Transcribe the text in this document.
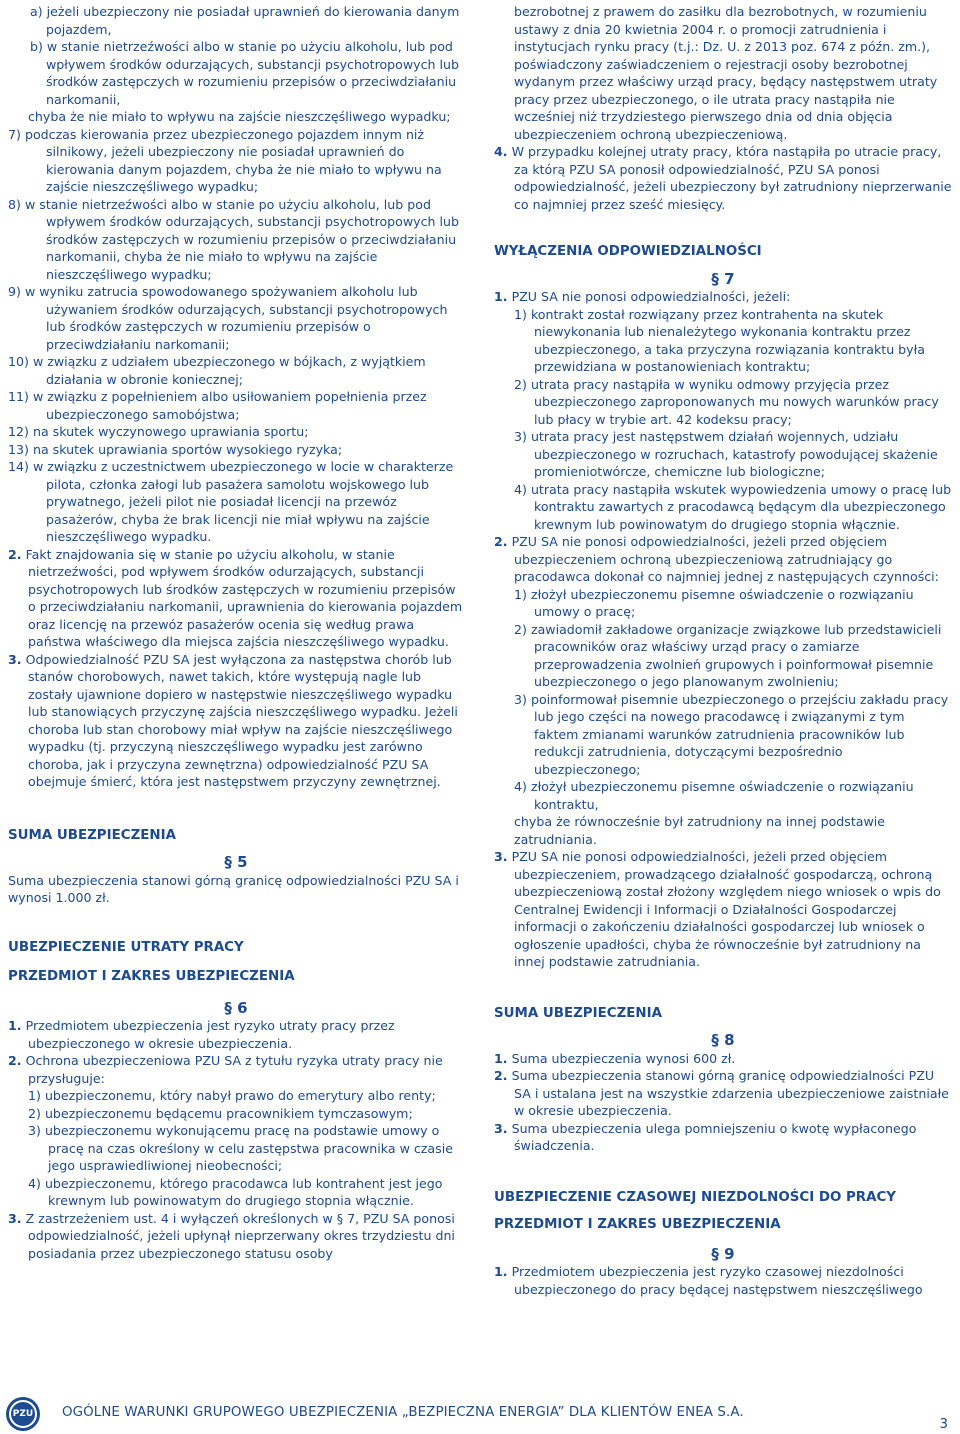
a) jeżeli ubezpieczony nie posiadał uprawnień do kierowania danym pojazdem,

b) w stanie nietrzeźwości albo w stanie po użyciu alkoholu, lub pod wpływem środków odurzających, substancji psychotropowych lub środków zastępczych w rozumieniu przepisów o przeciwdziałaniu narkomanii,

chyba że nie miało to wpływu na zajście nieszczęśliwego wypadku;

7) podczas kierowania przez ubezpieczonego pojazdem innym niż silnikowy, jeżeli ubezpieczony nie posiadał uprawnień do kierowania danym pojazdem, chyba że nie miało to wpływu na zajście nieszczęśliwego wypadku;

8) w stanie nietrzeźwości albo w stanie po użyciu alkoholu, lub pod wpływem środków odurzających, substancji psychotropowych lub środków zastępczych w rozumieniu przepisów o przeciwdziałaniu narkomanii, chyba że nie miało to wpływu na zajście nieszczęśliwego wypadku;

9) w wyniku zatrucia spowodowanego spożywaniem alkoholu lub używaniem środków odurzających, substancji psychotropowych lub środków zastępczych w rozumieniu przepisów o przeciwdziałaniu narkomanii;

10) w związku z udziałem ubezpieczonego w bójkach, z wyjątkiem działania w obronie koniecznej;

11) w związku z popełnieniem albo usiłowaniem popełnienia przez ubezpieczonego samobójstwa;

12) na skutek wyczynowego uprawiania sportu;

13) na skutek uprawiania sportów wysokiego ryzyka;

14) w związku z uczestnictwem ubezpieczonego w locie w charakterze pilota, członka załogi lub pasażera samolotu wojskowego lub prywatnego, jeżeli pilot nie posiadał licencji na przewóz pasażerów, chyba że brak licencji nie miał wpływu na zajście nieszczęśliwego wypadku.

2. Fakt znajdowania się w stanie po użyciu alkoholu, w stanie nietrzeźwości, pod wpływem środków odurzających, substancji psychotropowych lub środków zastępczych w rozumieniu przepisów o przeciwdziałaniu narkomanii, uprawnienia do kierowania pojazdem oraz licencję na przewóz pasażerów ocenia się według prawa państwa właściwego dla miejsca zajścia nieszczęśliwego wypadku.

3. Odpowiedzialność PZU SA jest wyłączona za następstwa chorób lub stanów chorobowych, nawet takich, które występują nagle lub zostały ujawnione dopiero w następstwie nieszczęśliwego wypadku lub stanowiących przyczynę zajścia nieszczęśliwego wypadku. Jeżeli choroba lub stan chorobowy miał wpływ na zajście nieszczęśliwego wypadku (tj. przyczyną nieszczęśliwego wypadku jest zarówno choroba, jak i przyczyna zewnętrzna) odpowiedzialność PZU SA obejmuje śmierć, która jest następstwem przyczyny zewnętrznej.

SUMA UBEZPIECZENIA

§ 5

Suma ubezpieczenia stanowi górną granicę odpowiedzialności PZU SA i wynosi 1.000 zł.

UBEZPIECZENIE UTRATY PRACY

PRZEDMIOT I ZAKRES UBEZPIECZENIA

§ 6

1. Przedmiotem ubezpieczenia jest ryzyko utraty pracy przez ubezpieczonego w okresie ubezpieczenia.

2. Ochrona ubezpieczeniowa PZU SA z tytułu ryzyka utraty pracy nie przysługuje:

1) ubezpieczonemu, który nabył prawo do emerytury albo renty;

2) ubezpieczonemu będącemu pracownikiem tymczasowym;

3) ubezpieczonemu wykonującemu pracę na podstawie umowy o pracę na czas określony w celu zastępstwa pracownika w czasie jego usprawiedliwionej nieobecności;

4) ubezpieczonemu, którego pracodawca lub kontrahent jest jego krewnym lub powinowatym do drugiego stopnia włącznie.

3. Z zastrzeżeniem ust. 4 i wyłączeń określonych w § 7, PZU SA ponosi odpowiedzialność, jeżeli upłynął nieprzerwany okres trzydziestu dni posiadania przez ubezpieczonego statusu osoby

bezrobotnej z prawem do zasiłku dla bezrobotnych, w rozumieniu ustawy z dnia 20 kwietnia 2004 r. o promocji zatrudnienia i instytucjach rynku pracy (t.j.: Dz. U. z 2013 poz. 674 z późn. zm.), poświadczony zaświadczeniem o rejestracji osoby bezrobotnej wydanym przez właściwy urząd pracy, będący następstwem utraty pracy przez ubezpieczonego, o ile utrata pracy nastąpiła nie wcześniej niż trzydziestego pierwszego dnia od dnia objęcia ubezpieczeniem ochroną ubezpieczeniową.

4. W przypadku kolejnej utraty pracy, która nastąpiła po utracie pracy, za którą PZU SA ponosił odpowiedzialność, PZU SA ponosi odpowiedzialność, jeżeli ubezpieczony był zatrudniony nieprzerwanie co najmniej przez sześć miesięcy.

WYŁĄCZENIA ODPOWIEDZIALNOŚCI

§ 7

1. PZU SA nie ponosi odpowiedzialności, jeżeli:

1) kontrakt został rozwiązany przez kontrahenta na skutek niewykonania lub nienależytego wykonania kontraktu przez ubezpieczonego, a taka przyczyna rozwiązania kontraktu była przewidziana w postanowieniach kontraktu;

2) utrata pracy nastąpiła w wyniku odmowy przyjęcia przez ubezpieczonego zaproponowanych mu nowych warunków pracy lub płacy w trybie art. 42 kodeksu pracy;

3) utrata pracy jest następstwem działań wojennych, udziału ubezpieczonego w rozruchach, katastrofy powodującej skażenie promieniotwórcze, chemiczne lub biologiczne;

4) utrata pracy nastąpiła wskutek wypowiedzenia umowy o pracę lub kontraktu zawartych z pracodawcą będącym dla ubezpieczonego krewnym lub powinowatym do drugiego stopnia włącznie.

2. PZU SA nie ponosi odpowiedzialności, jeżeli przed objęciem ubezpieczeniem ochroną ubezpieczeniową zatrudniający go pracodawca dokonał co najmniej jednej z następujących czynności:

1) złożył ubezpieczonemu pisemne oświadczenie o rozwiązaniu umowy o pracę;

2) zawiadomił zakładowe organizacje związkowe lub przedstawicieli pracowników oraz właściwy urząd pracy o zamiarze przeprowadzenia zwolnień grupowych i poinformował pisemnie ubezpieczonego o jego planowanym zwolnieniu;

3) poinformował pisemnie ubezpieczonego o przejściu zakładu pracy lub jego części na nowego pracodawcę i związanymi z tym faktem zmianami warunków zatrudnienia pracowników lub redukcji zatrudnienia, dotyczącymi bezpośrednio ubezpieczonego;

4) złożył ubezpieczonemu pisemne oświadczenie o rozwiązaniu kontraktu,

chyba że równocześnie był zatrudniony na innej podstawie zatrudniania.

3. PZU SA nie ponosi odpowiedzialności, jeżeli przed objęciem ubezpieczeniem, prowadzącego działalność gospodarczą, ochroną ubezpieczeniową został złożony względem niego wniosek o wpis do Centralnej Ewidencji i Informacji o Działalności Gospodarczej informacji o zakończeniu działalności gospodarczej lub wniosek o ogłoszenie upadłości, chyba że równocześnie był zatrudniony na innej podstawie zatrudniania.

SUMA UBEZPIECZENIA

§ 8

1. Suma ubezpieczenia wynosi 600 zł.

2. Suma ubezpieczenia stanowi górną granicę odpowiedzialności PZU SA i ustalana jest na wszystkie zdarzenia ubezpieczeniowe zaistniałe w okresie ubezpieczenia.

3. Suma ubezpieczenia ulega pomniejszeniu o kwotę wypłaconego świadczenia.

UBEZPIECZENIE CZASOWEJ NIEZDOLNOŚCI DO PRACY

PRZEDMIOT I ZAKRES UBEZPIECZENIA

§ 9

1. Przedmiotem ubezpieczenia jest ryzyko czasowej niezdolności ubezpieczonego do pracy będącej następstwem nieszczęśliwego

PZU OGÓLNE WARUNKI GRUPOWEGO UBEZPIECZENIA „BEZPIECZNA ENERGIA” DLA KLIENTÓW ENEA S.A.
3
